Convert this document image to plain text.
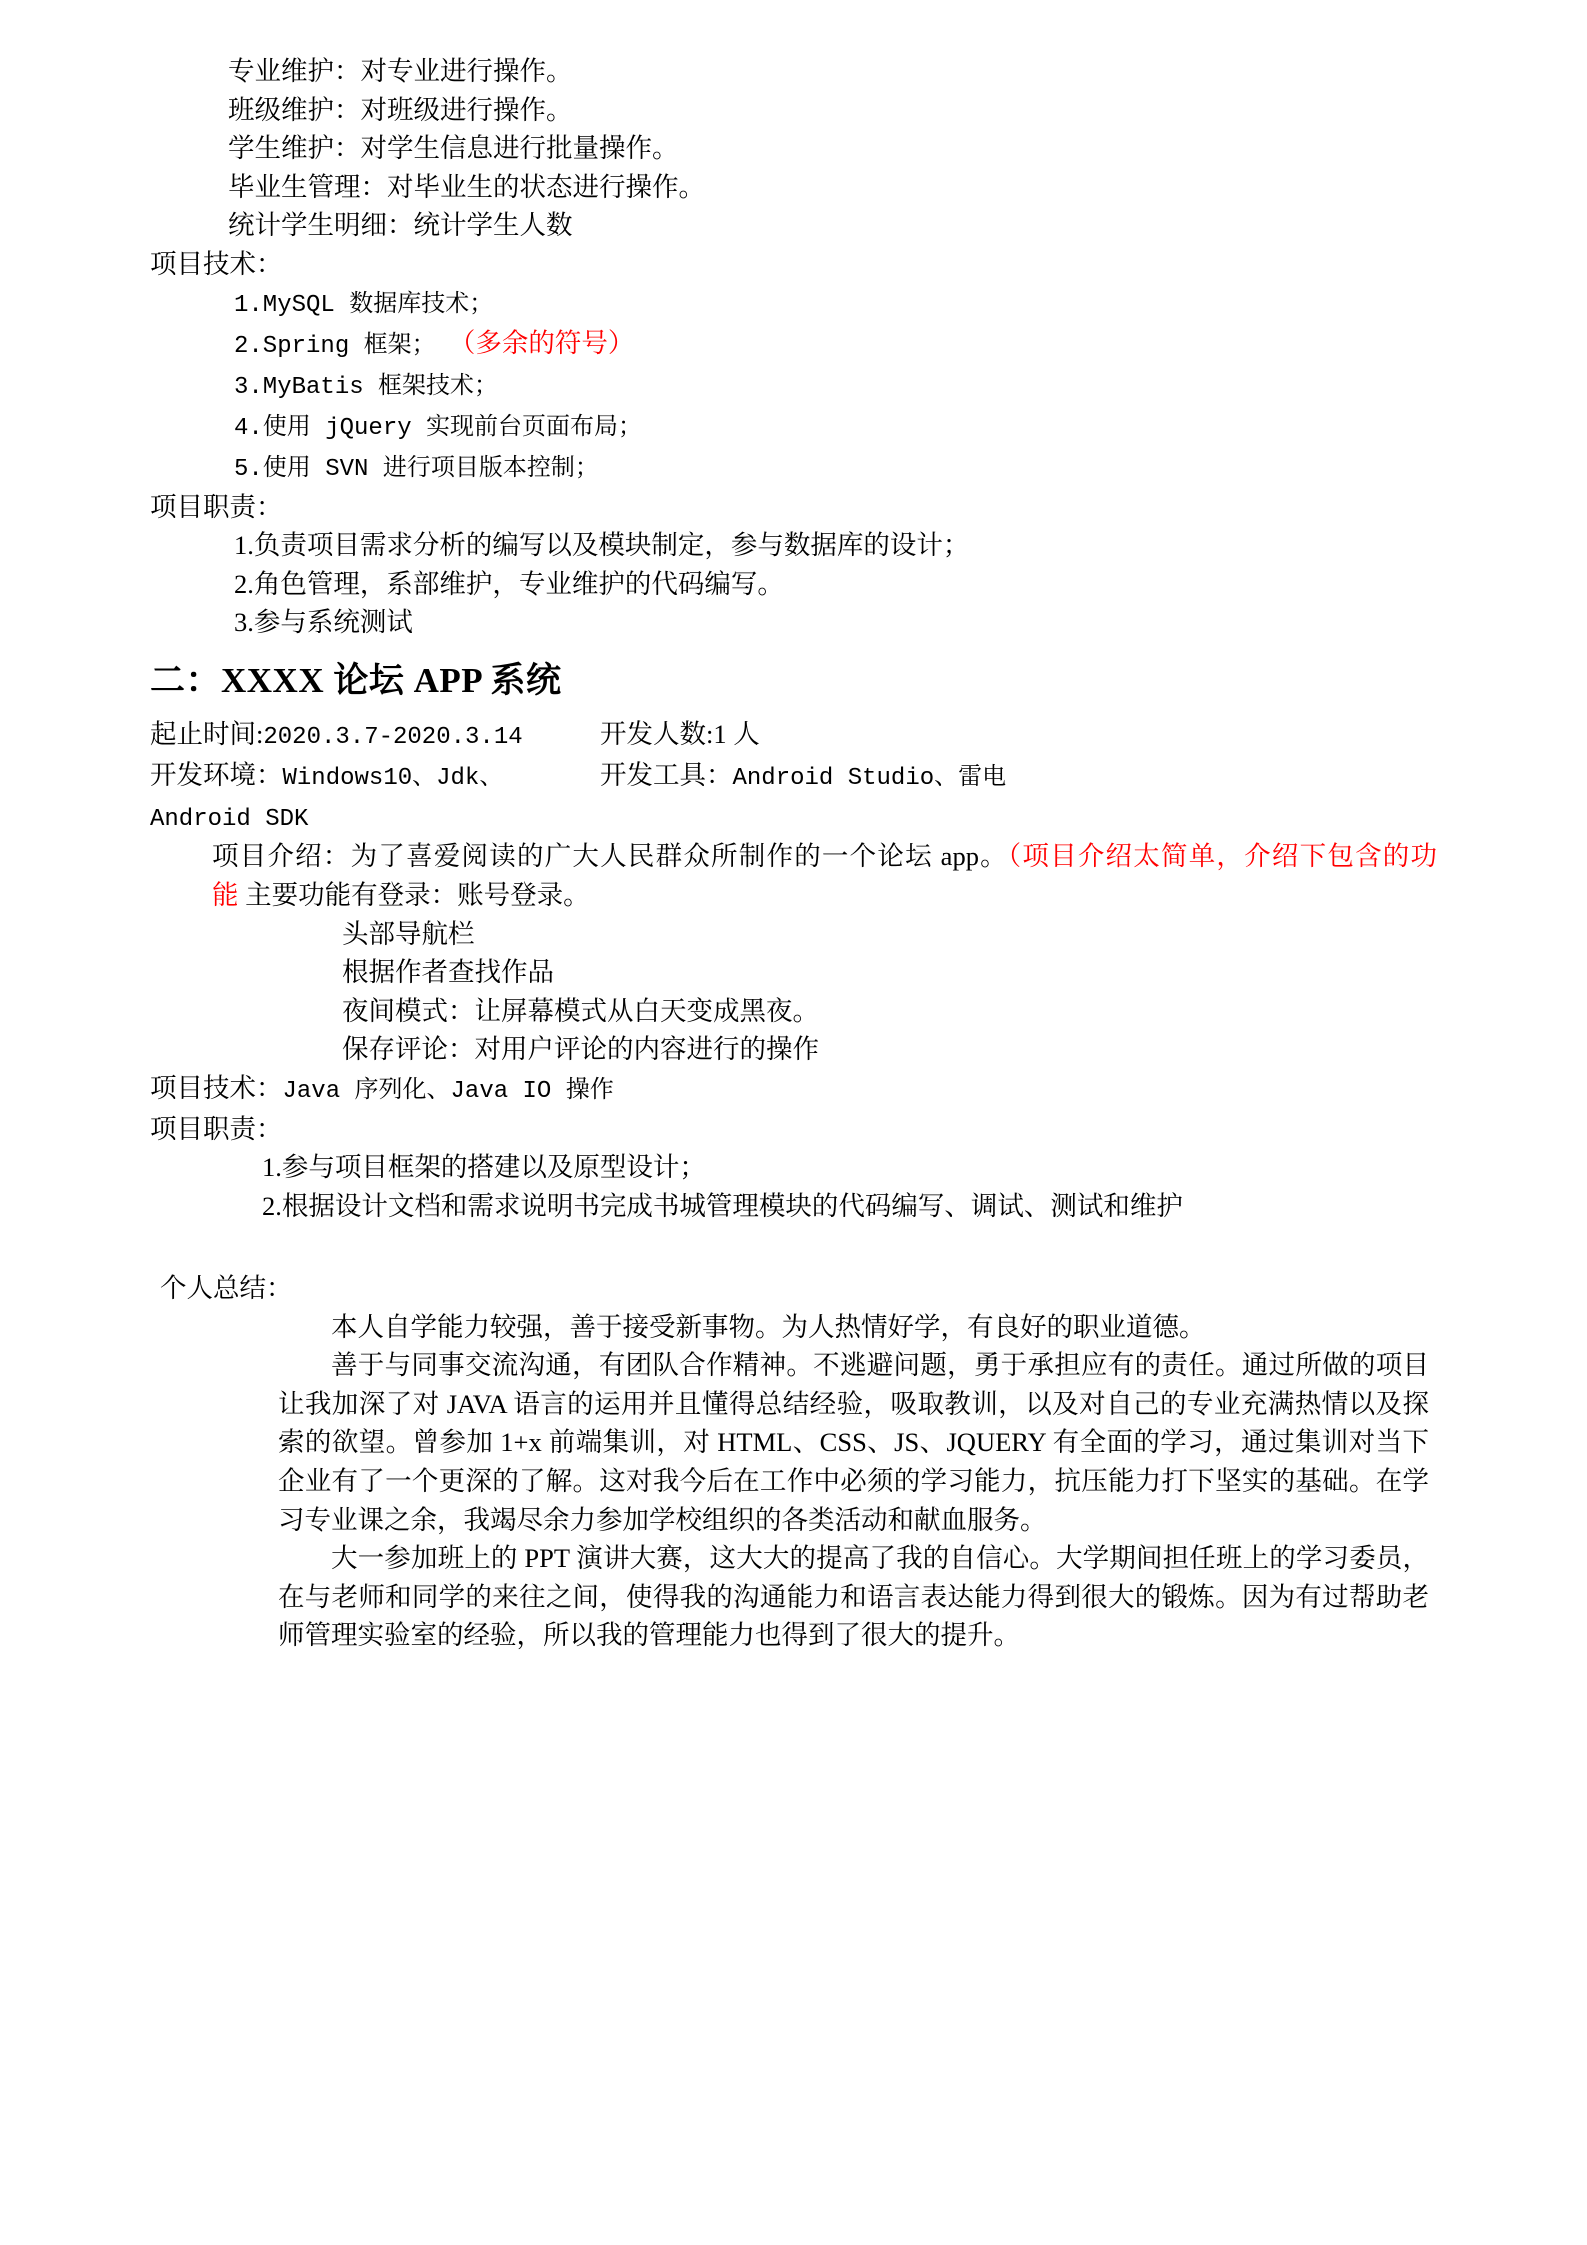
专业维护：对专业进行操作。

班级维护：对班级进行操作。

学生维护：对学生信息进行批量操作。

毕业生管理：对毕业生的状态进行操作。

统计学生明细：统计学生人数

项目技术：

1.MySQL 数据库技术；

2.Spring 框架； （多余的符号）

3.MyBatis 框架技术；

4.使用 jQuery 实现前台页面布局；

5.使用 SVN 进行项目版本控制；

项目职责：

1.负责项目需求分析的编写以及模块制定，参与数据库的设计；

2.角色管理，系部维护，专业维护的代码编写。

3.参与系统测试

二：XXXX 论坛 APP 系统
起止时间:2020.3.7-2020.3.14	开发人数:1 人
开发环境：Windows10、Jdk、Android SDK
开发工具：Android Studio、雷电

项目介绍：为了喜爱阅读的广大人民群众所制作的一个论坛 app。（项目介绍太简单，介绍下包含的功能 主要功能有登录：账号登录。

头部导航栏

根据作者查找作品

夜间模式：让屏幕模式从白天变成黑夜。

保存评论：对用户评论的内容进行的操作

项目技术：Java 序列化、Java IO 操作

项目职责：

1.参与项目框架的搭建以及原型设计；

2.根据设计文档和需求说明书完成书城管理模块的代码编写、调试、测试和维护

个人总结：

本人自学能力较强，善于接受新事物。为人热情好学，有良好的职业道德。

善于与同事交流沟通，有团队合作精神。不逃避问题，勇于承担应有的责任。通过所做的项目让我加深了对 JAVA 语言的运用并且懂得总结经验，吸取教训，以及对自己的专业充满热情以及探索的欲望。曾参加 1+x 前端集训，对 HTML、CSS、JS、JQUERY 有全面的学习，通过集训对当下企业有了一个更深的了解。这对我今后在工作中必须的学习能力，抗压能力打下坚实的基础。在学习专业课之余，我竭尽余力参加学校组织的各类活动和献血服务。

大一参加班上的 PPT 演讲大赛，这大大的提高了我的自信心。大学期间担任班上的学习委员，在与老师和同学的来往之间，使得我的沟通能力和语言表达能力得到很大的锻炼。因为有过帮助老师管理实验室的经验，所以我的管理能力也得到了很大的提升。
